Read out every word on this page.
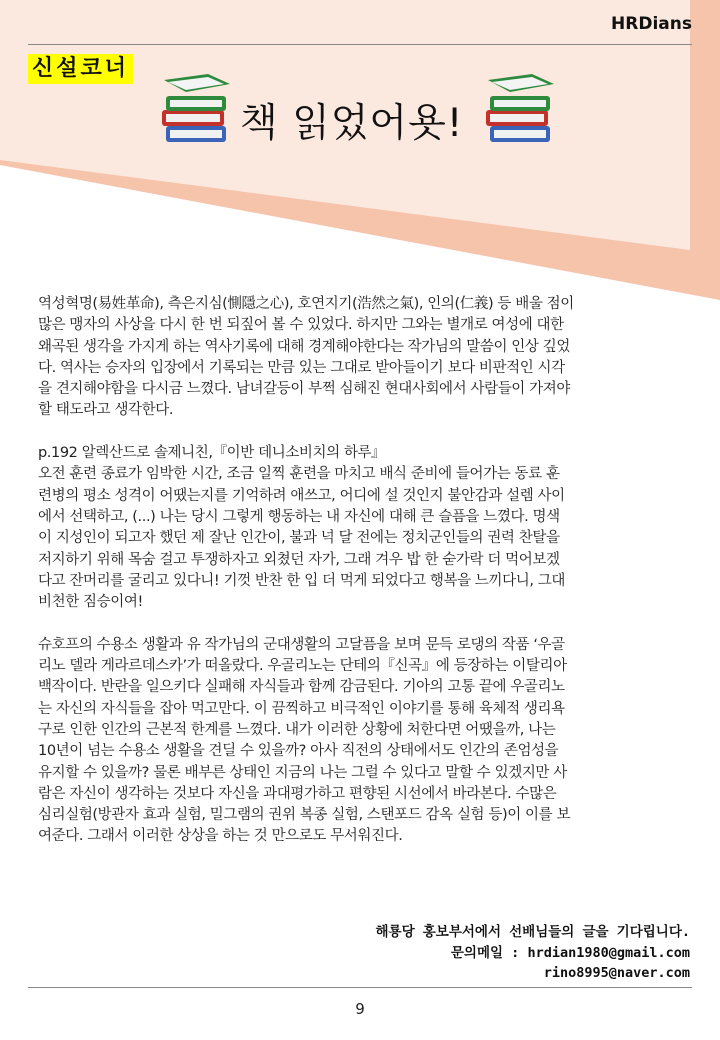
HRDians
신설코너
책 읽었어욧!

역성혁명(易姓革命), 측은지심(惻隱之心), 호연지기(浩然之氣), 인의(仁義) 등 배울 점이
많은 맹자의 사상을 다시 한 번 되짚어 볼 수 있었다. 하지만 그와는 별개로 여성에 대한
왜곡된 생각을 가지게 하는 역사기록에 대해 경계해야한다는 작가님의 말씀이 인상 깊었
다. 역사는 승자의 입장에서 기록되는 만큼 있는 그대로 받아들이기 보다 비판적인 시각
을 견지해야함을 다시금 느꼈다. 남녀갈등이 부쩍 심해진 현대사회에서 사람들이 가져야
할 태도라고 생각한다.

p.192 알렉산드로 솔제니친,『이반 데니소비치의 하루』
오전 훈련 종료가 임박한 시간, 조금 일찍 훈련을 마치고 배식 준비에 들어가는 동료 훈
련병의 평소 성격이 어땠는지를 기억하려 애쓰고, 어디에 설 것인지 불안감과 설렘 사이
에서 선택하고, (...) 나는 당시 그렇게 행동하는 내 자신에 대해 큰 슬픔을 느꼈다. 명색
이 지성인이 되고자 했던 제 잘난 인간이, 불과 넉 달 전에는 정치군인들의 권력 찬탈을
저지하기 위해 목숨 걸고 투쟁하자고 외쳤던 자가, 그래 겨우 밥 한 숟가락 더 먹어보겠
다고 잔머리를 굴리고 있다니! 기껏 반찬 한 입 더 먹게 되었다고 행복을 느끼다니, 그대
비천한 짐승이여!

슈호프의 수용소 생활과 유 작가님의 군대생활의 고달픔을 보며 문득 로댕의 작품 ‘우골
리노 델라 게라르데스카’가 떠올랐다. 우골리노는 단테의『신곡』에 등장하는 이탈리아
백작이다. 반란을 일으키다 실패해 자식들과 함께 감금된다. 기아의 고통 끝에 우골리노
는 자신의 자식들을 잡아 먹고만다. 이 끔찍하고 비극적인 이야기를 통해 육체적 생리욕
구로 인한 인간의 근본적 한계를 느꼈다. 내가 이러한 상황에 처한다면 어땠을까, 나는
10년이 넘는 수용소 생활을 견딜 수 있을까? 아사 직전의 상태에서도 인간의 존엄성을
유지할 수 있을까? 물론 배부른 상태인 지금의 나는 그럴 수 있다고 말할 수 있겠지만 사
람은 자신이 생각하는 것보다 자신을 과대평가하고 편향된 시선에서 바라본다. 수많은
심리실험(방관자 효과 실험, 밀그램의 권위 복종 실험, 스탠포드 감옥 실험 등)이 이를 보
여준다. 그래서 이러한 상상을 하는 것 만으로도 무서워진다.

해룡당 홍보부서에서 선배님들의 글을 기다립니다.
문의메일 : hrdian1980@gmail.com
rino8995@naver.com
9
